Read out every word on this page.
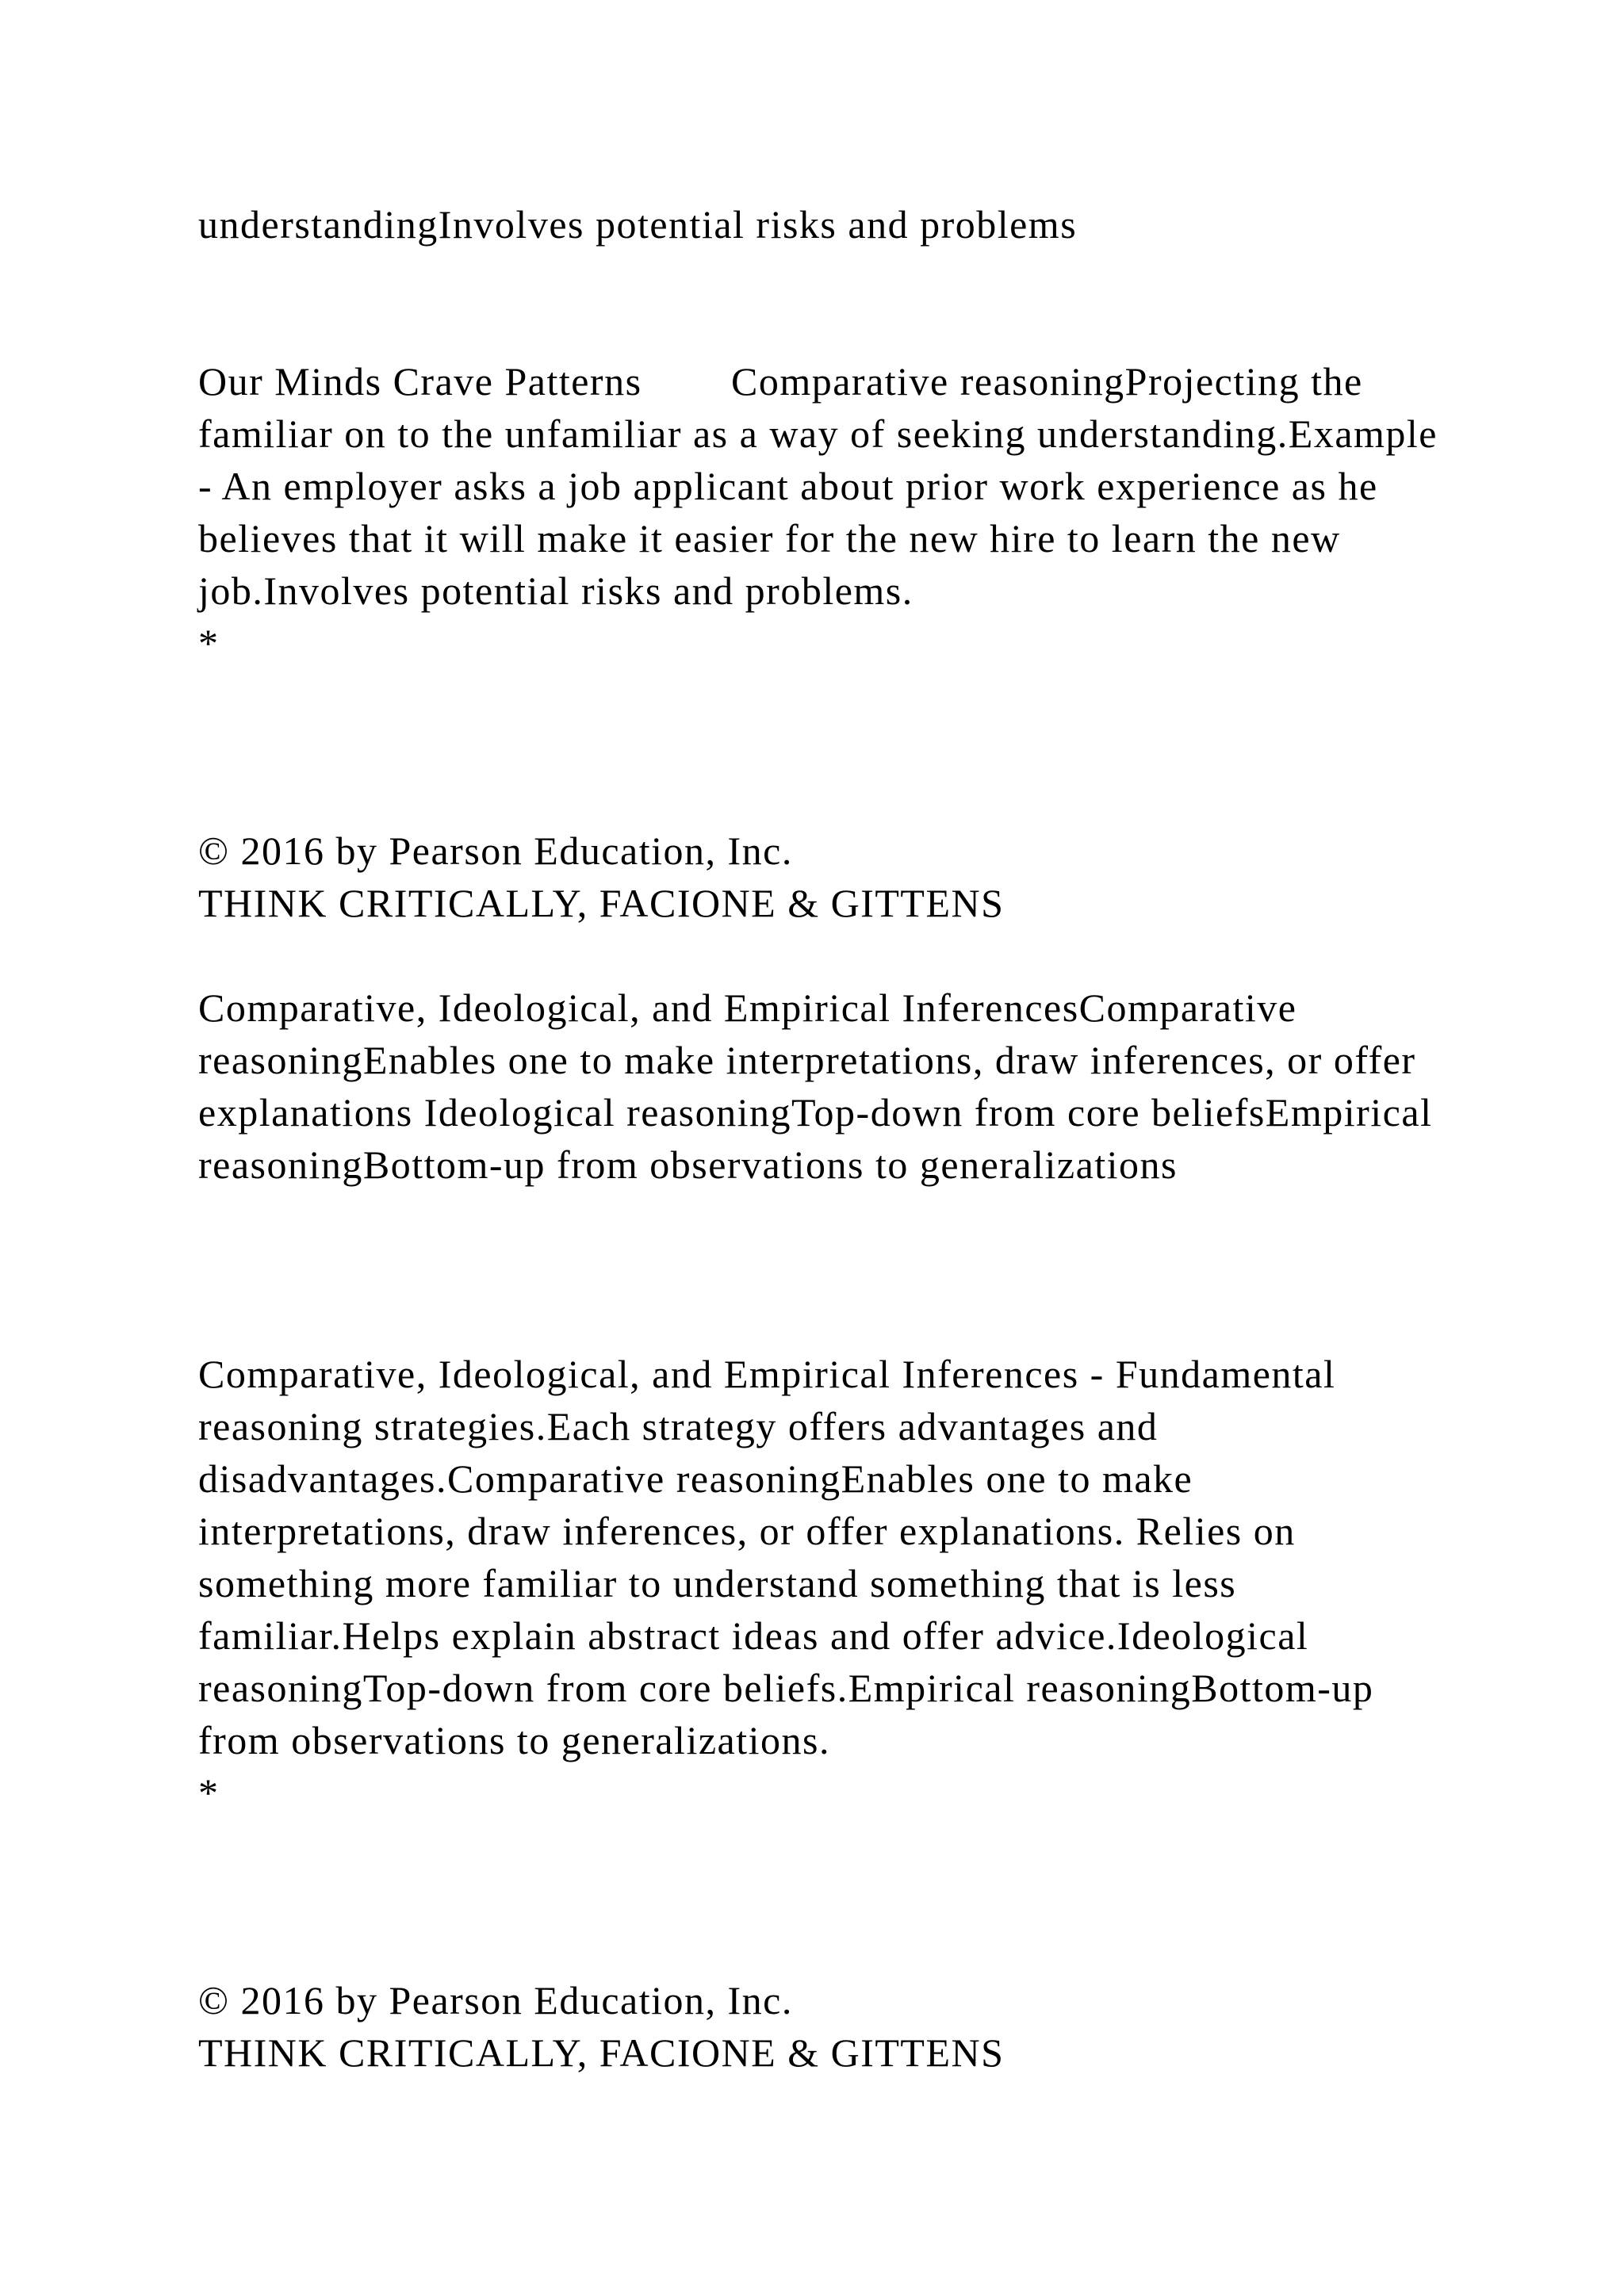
understandingInvolves potential risks and problems

Our Minds Crave Patterns		Comparative reasoningProjecting the familiar on to the unfamiliar as a way of seeking understanding.Example - An employer asks a job applicant about prior work experience as he believes that it will make it easier for the new hire to learn the new job.Involves potential risks and problems.
*

© 2016 by Pearson Education, Inc.
THINK CRITICALLY, FACIONE & GITTENS

Comparative, Ideological, and Empirical InferencesComparative reasoningEnables one to make interpretations, draw inferences, or offer explanations Ideological reasoningTop-down from core beliefsEmpirical reasoningBottom-up from observations to generalizations

Comparative, Ideological, and Empirical Inferences - Fundamental reasoning strategies.Each strategy offers advantages and disadvantages.Comparative reasoningEnables one to make interpretations, draw inferences, or offer explanations. Relies on something more familiar to understand something that is less familiar.Helps explain abstract ideas and offer advice.Ideological reasoningTop-down from core beliefs.Empirical reasoningBottom-up from observations to generalizations.
*

© 2016 by Pearson Education, Inc.
THINK CRITICALLY, FACIONE & GITTENS
